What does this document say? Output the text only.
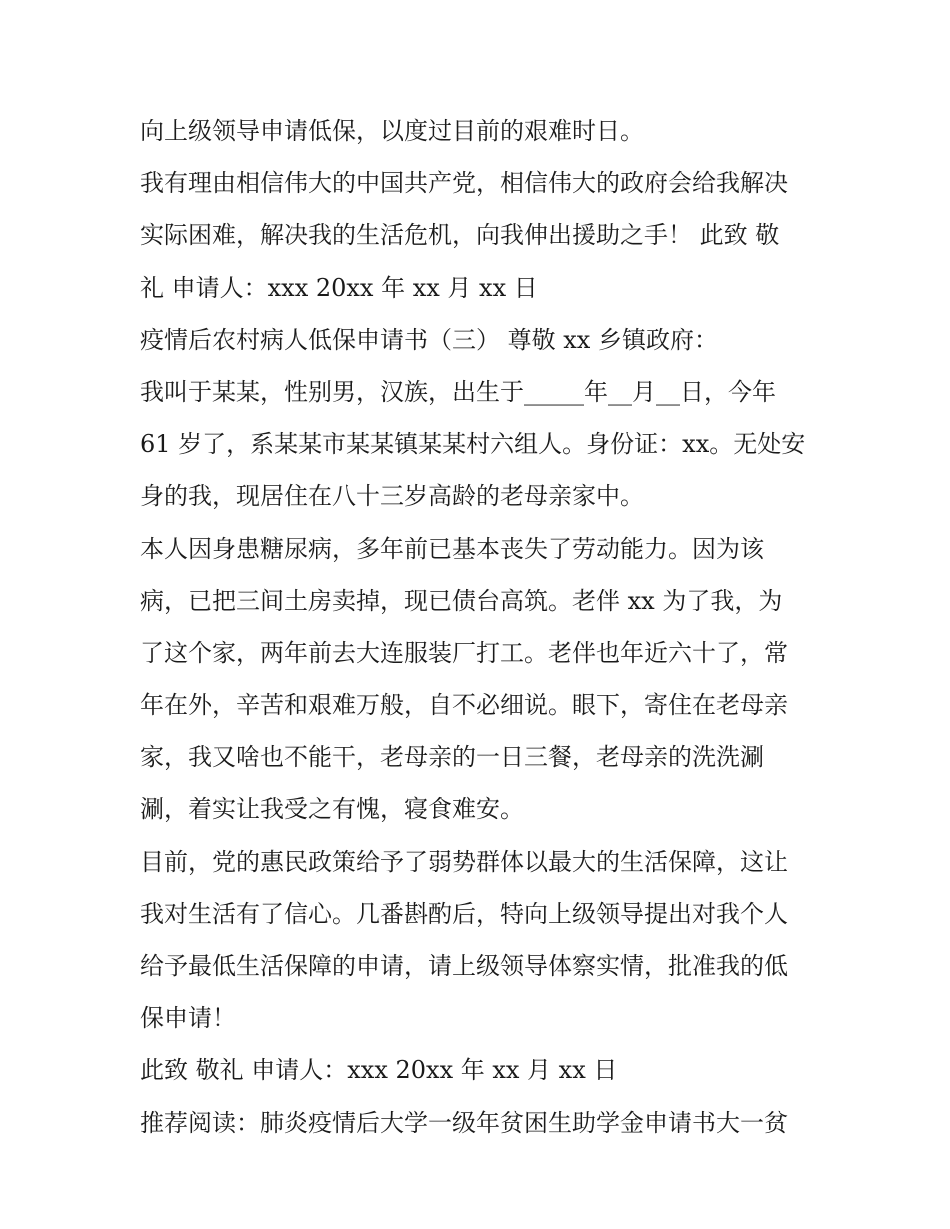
向上级领导申请低保，以度过目前的艰难时日。
我有理由相信伟大的中国共产党，相信伟大的政府会给我解决
实际困难，解决我的生活危机，向我伸出援助之手！ 此致 敬
礼 申请人：xxx 20xx 年 xx 月 xx 日
疫情后农村病人低保申请书（三） 尊敬 xx 乡镇政府：
我叫于某某，性别男，汉族，出生于_____年__月__日，今年
61 岁了，系某某市某某镇某某村六组人。身份证：xx。无处安
身的我，现居住在八十三岁高龄的老母亲家中。
本人因身患糖尿病，多年前已基本丧失了劳动能力。因为该
病，已把三间土房卖掉，现已债台高筑。老伴 xx 为了我，为
了这个家，两年前去大连服装厂打工。老伴也年近六十了，常
年在外，辛苦和艰难万般，自不必细说。眼下，寄住在老母亲
家，我又啥也不能干，老母亲的一日三餐，老母亲的洗洗涮
涮，着实让我受之有愧，寝食难安。
目前，党的惠民政策给予了弱势群体以最大的生活保障，这让
我对生活有了信心。几番斟酌后，特向上级领导提出对我个人
给予最低生活保障的申请，请上级领导体察实情，批准我的低
保申请！
此致 敬礼 申请人：xxx 20xx 年 xx 月 xx 日
推荐阅读：肺炎疫情后大学一级年贫困生助学金申请书大一贫
